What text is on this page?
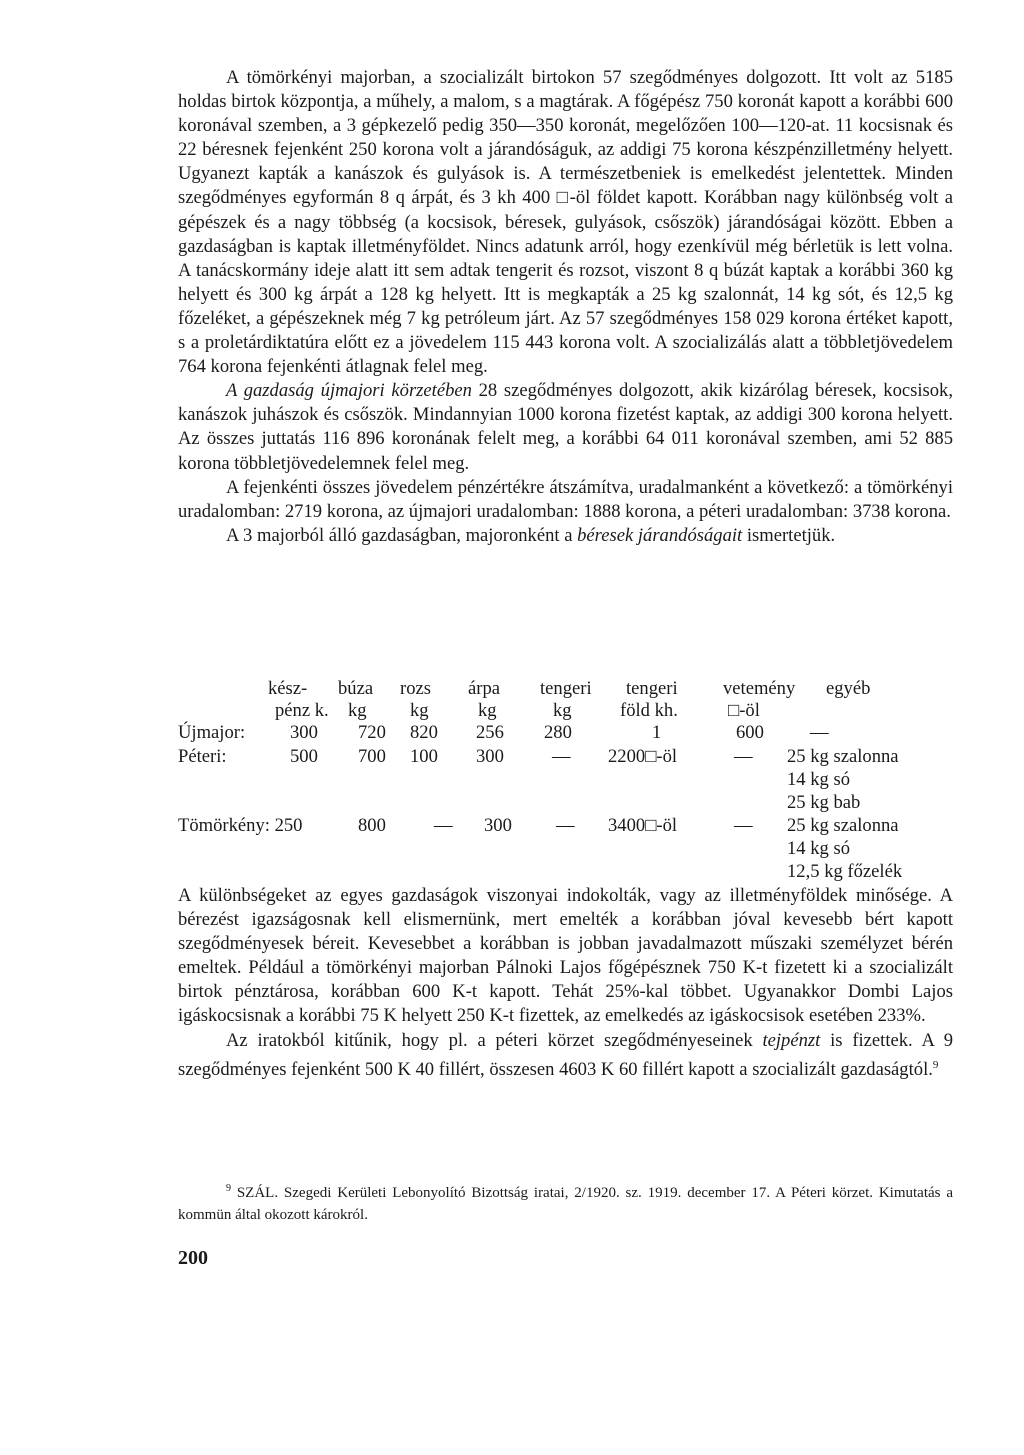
A tömörkényi majorban, a szocializált birtokon 57 szegődményes dolgozott. Itt volt az 5185 holdas birtok központja, a műhely, a malom, s a magtárak. A főgépész 750 koronát kapott a korábbi 600 koronával szemben, a 3 gépkezelő pedig 350—350 koronát, megelőzően 100—120-at. 11 kocsisnak és 22 béresnek fejenként 250 korona volt a járandóságuk, az addigi 75 korona készpénzilletmény helyett. Ugyanezt kapták a kanászok és gulyások is. A természetbeniek is emelkedést jelentettek. Minden szegődményes egyformán 8 q árpát, és 3 kh 400 □-öl földet kapott. Korábban nagy különbség volt a gépészek és a nagy többség (a kocsisok, béresek, gulyások, csőszök) járandóságai között. Ebben a gazdaságban is kaptak illetményföldet. Nincs adatunk arról, hogy ezenkívül még bérletük is lett volna. A tanácskormány ideje alatt itt sem adtak tengerit és rozsot, viszont 8 q búzát kaptak a korábbi 360 kg helyett és 300 kg árpát a 128 kg helyett. Itt is megkapták a 25 kg szalonnát, 14 kg sót, és 12,5 kg főzeléket, a gépészeknek még 7 kg petróleum járt. Az 57 szegődményes 158 029 korona értéket kapott, s a proletárdiktatúra előtt ez a jövedelem 115 443 korona volt. A szocializálás alatt a többletjövedelem 764 korona fejenkénti átlagnak felel meg.

A gazdaság újmajori körzetében 28 szegődményes dolgozott, akik kizárólag béresek, kocsisok, kanászok juhászok és csőszök. Mindannyian 1000 korona fizetést kaptak, az addigi 300 korona helyett. Az összes juttatás 116 896 koronának felelt meg, a korábbi 64 011 koronával szemben, ami 52 885 korona többletjövedelemnek felel meg.

A fejenkénti összes jövedelem pénzértékre átszámítva, uradalmanként a következő: a tömörkényi uradalomban: 2719 korona, az újmajori uradalomban: 1888 korona, a péteri uradalomban: 3738 korona.

A 3 majorból álló gazdaságban, majoronként a béresek járandóságait ismertetjük.

kész- búza rozs árpa tengeri tengeri vetemény egyéb
pénz k. kg kg	kg	kg	föld kh.	□-öl
Újmajor: 300 720 820 256 280	1	600 —
Péteri:	500 700 100 300	— 2200□-öl	— 25 kg szalonna
14 kg só
25 kg bab
Tömörkény: 250	800	— 300 — 3400□-öl	— 25 kg szalonna
14 kg só
12,5 kg főzelék

A különbségeket az egyes gazdaságok viszonyai indokolták, vagy az illetményföldek minősége. A bérezést igazságosnak kell elismernünk, mert emelték a korábban jóval kevesebb bért kapott szegődményesek béreit. Kevesebbet a korábban is jobban javadalmazott műszaki személyzet bérén emeltek. Például a tömörkényi majorban Pálnoki Lajos főgépésznek 750 K-t fizetett ki a szocializált birtok pénztárosa, korábban 600 K-t kapott. Tehát 25%-kal többet. Ugyanakkor Dombi Lajos igáskocsisnak a korábbi 75 K helyett 250 K-t fizettek, az emelkedés az igáskocsisok esetében 233%.

Az iratokból kitűnik, hogy pl. a péteri körzet szegődményeseinek tejpénzt is fizettek. A 9 szegődményes fejenként 500 K 40 fillért, összesen 4603 K 60 fillért kapott a szocializált gazdaságtól.$^9$

$^9$ SZÁL. Szegedi Kerületi Lebonyolító Bizottság iratai, 2/1920. sz. 1919. december 17. A Péteri körzet. Kimutatás a kommün által okozott károkról.
200
